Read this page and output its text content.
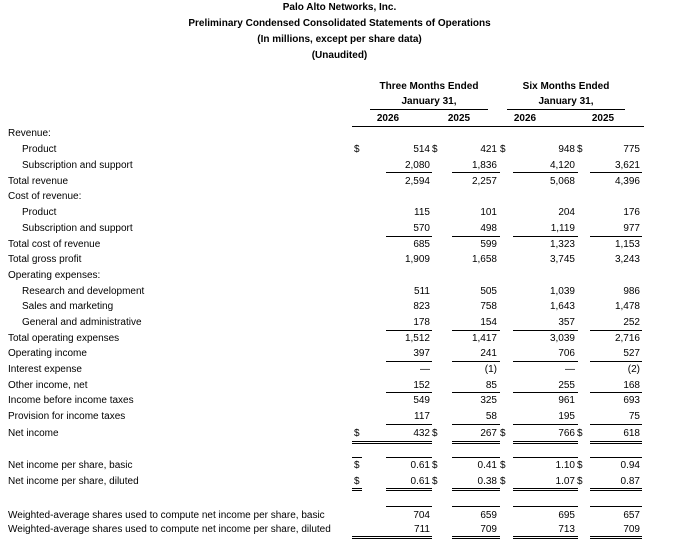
Palo Alto Networks, Inc.
Preliminary Condensed Consolidated Statements of Operations
(In millions, except per share data)
(Unaudited)
Three Months Ended
January 31,
Six Months Ended
January 31,
2026	2025	2026	2025
Revenue:
Product	514	421	948	775
$	$	$	$
Subscription and support	2,080	1,836	4,120	3,621
Total revenue	2,594	2,257	5,068	4,396
Cost of revenue:
Product	115	101	204	176
Subscription and support	570	498	1,119	977
Total cost of revenue	685	599	1,323	1,153
Total gross profit	1,909	1,658	3,745	3,243
Operating expenses:
Research and development	511	505	1,039	986
Sales and marketing	823	758	1,643	1,478
General and administrative	178	154	357	252
Total operating expenses	1,512	1,417	3,039	2,716
Operating income	397	241	706	527
Interest expense	—	(1)	—	(2)
Other income, net	152	85	255	168
Income before income taxes	549	325	961	693
Provision for income taxes	117	58	195	75
Net income	432	267	766	618
$	$	$	$
Net income per share, basic	0.61	0.41	1.10	0.94
$	$	$	$
Net income per share, diluted	0.61	0.38	1.07	0.87
$	$	$	$
Weighted-average shares used to compute net income per share, basic	704	659	695	657
Weighted-average shares used to compute net income per share, diluted	711	709	713	709
